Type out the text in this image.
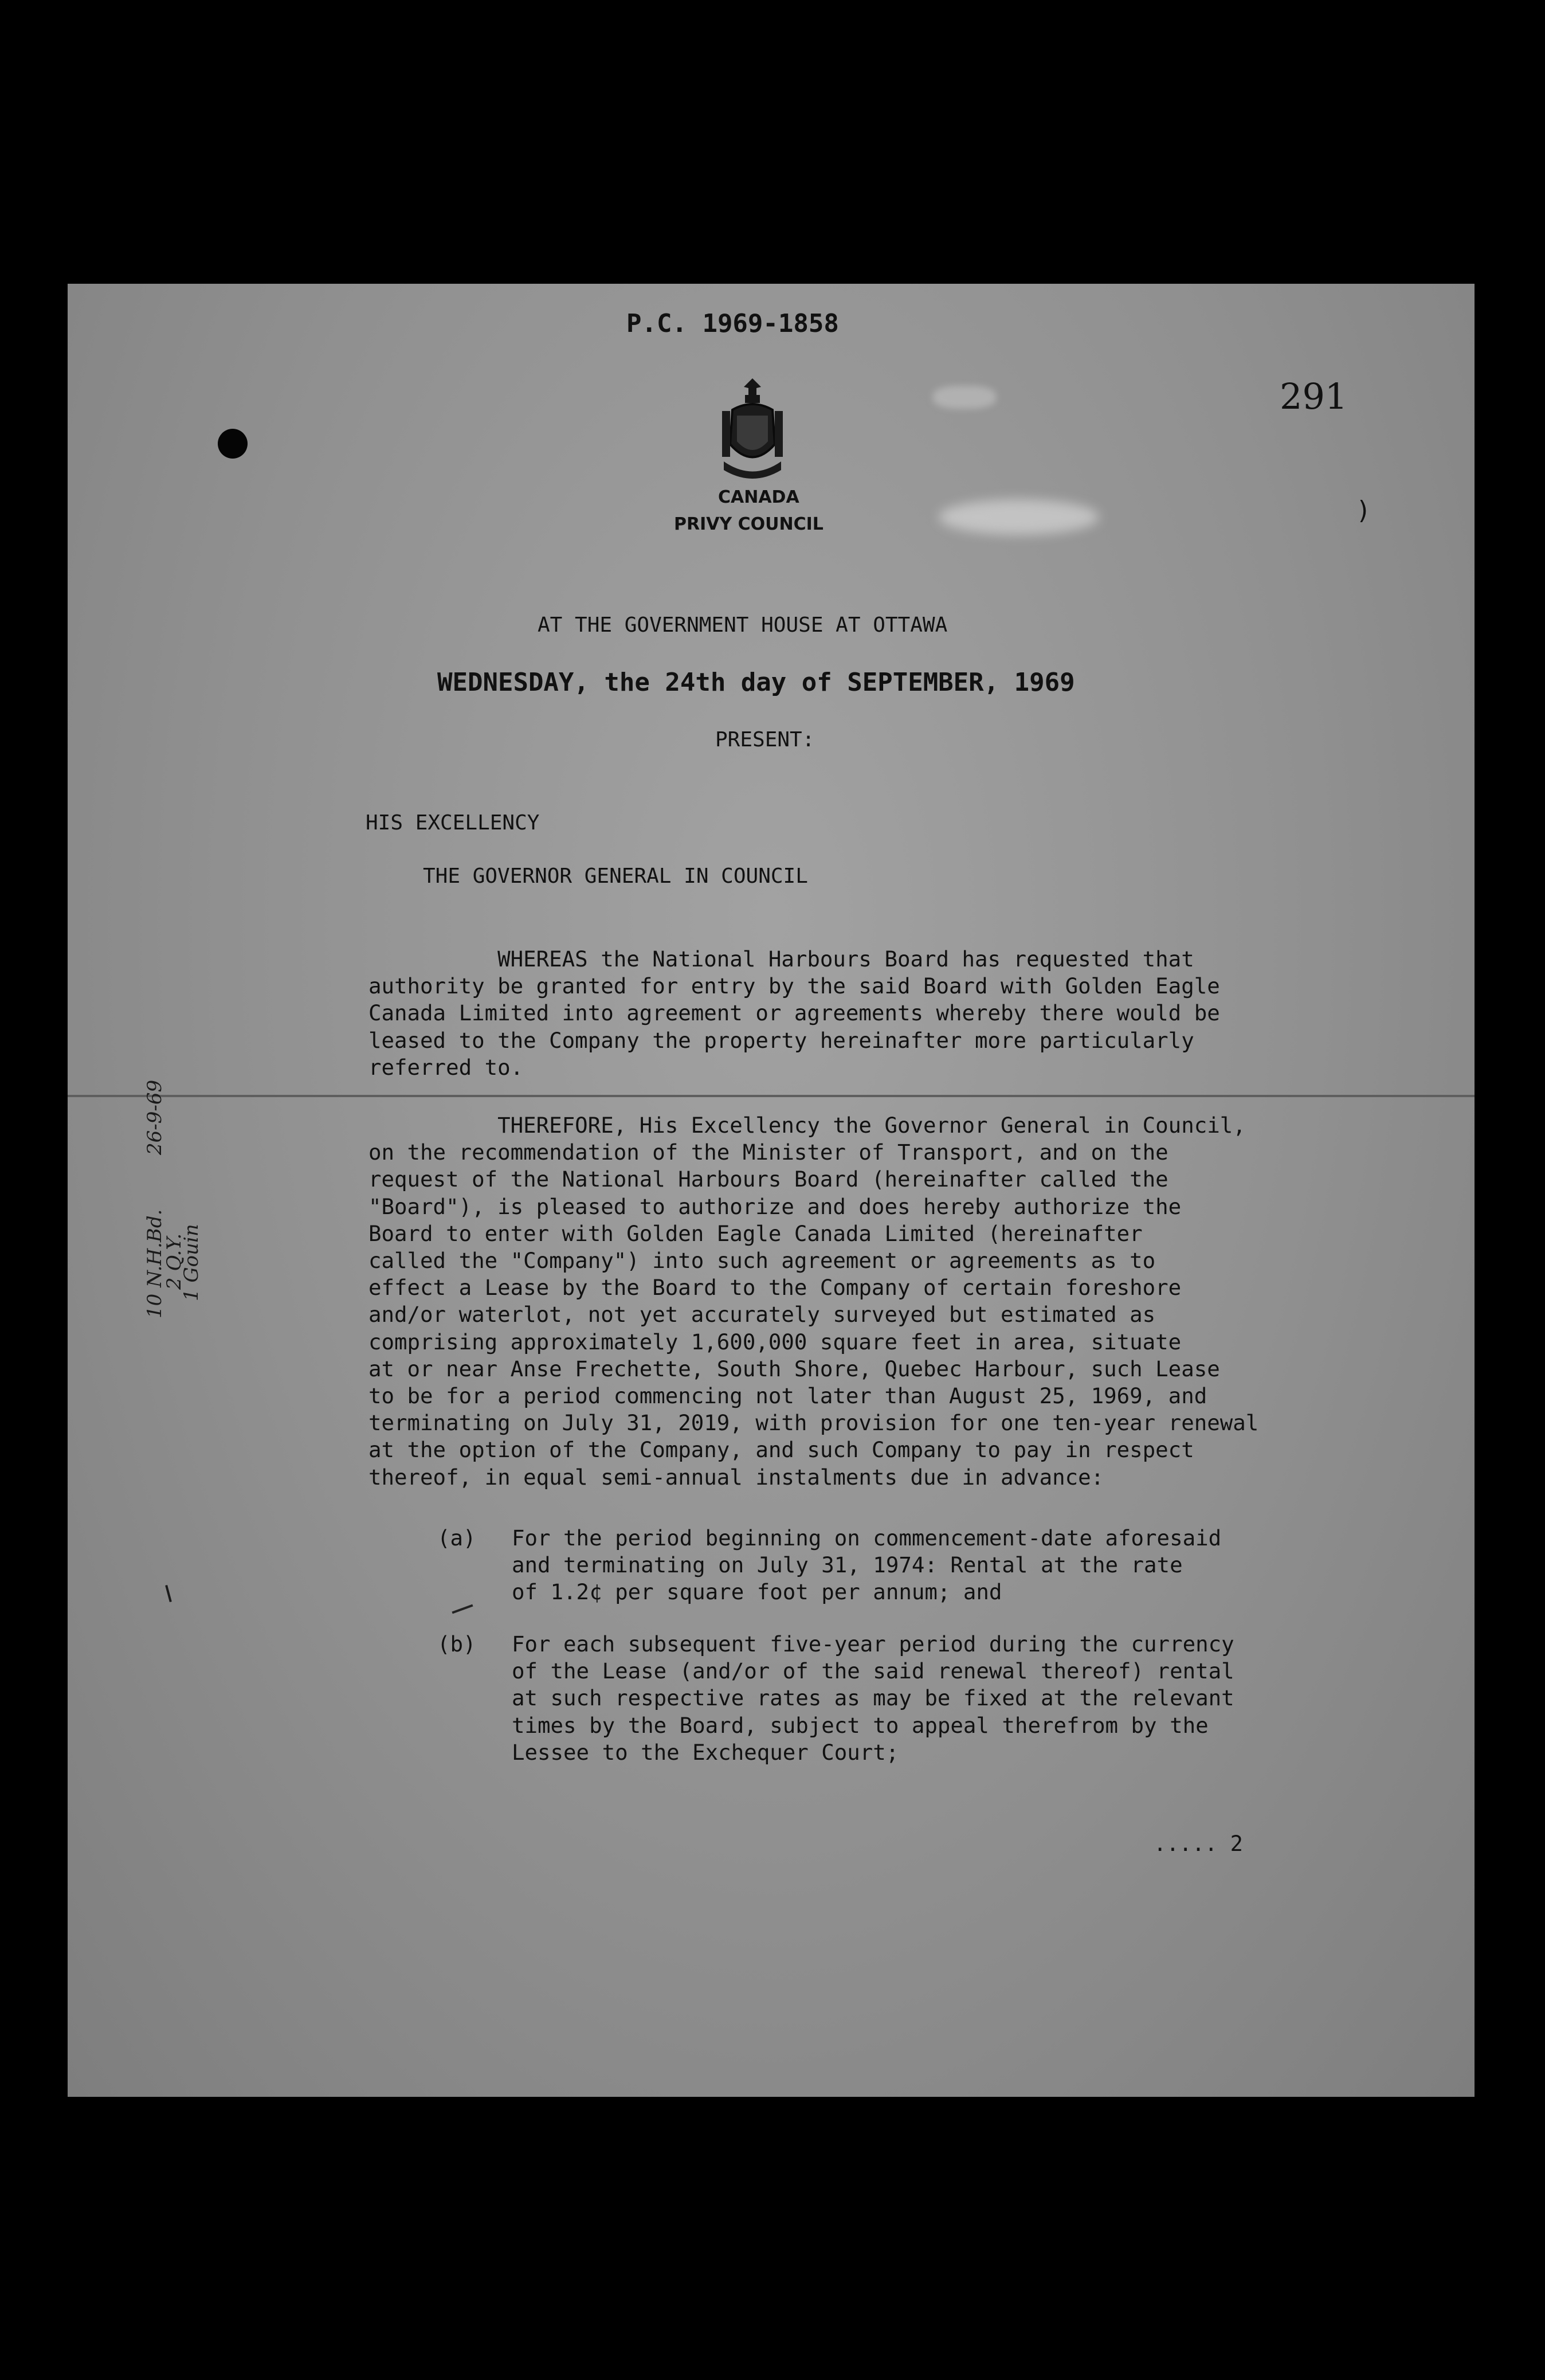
P.C. 1969-1858
291
)
CANADA
PRIVY COUNCIL
AT THE GOVERNMENT HOUSE AT OTTAWA
WEDNESDAY, the 24th day of SEPTEMBER, 1969
PRESENT:
HIS EXCELLENCY
THE GOVERNOR GENERAL IN COUNCIL
WHEREAS the National Harbours Board has requested that
authority be granted for entry by the said Board with Golden Eagle
Canada Limited into agreement or agreements whereby there would be
leased to the Company the property hereinafter more particularly
referred to.
THEREFORE, His Excellency the Governor General in Council,
on the recommendation of the Minister of Transport, and on the
request of the National Harbours Board (hereinafter called the
"Board"), is pleased to authorize and does hereby authorize the
Board to enter with Golden Eagle Canada Limited (hereinafter
called the "Company") into such agreement or agreements as to
effect a Lease by the Board to the Company of certain foreshore
and/or waterlot, not yet accurately surveyed but estimated as
comprising approximately 1,600,000 square feet in area, situate
at or near Anse Frechette, South Shore, Quebec Harbour, such Lease
to be for a period commencing not later than August 25, 1969, and
terminating on July 31, 2019, with provision for one ten-year renewal
at the option of the Company, and such Company to pay in respect
thereof, in equal semi-annual instalments due in advance:
(a) For the period beginning on commencement-date aforesaid
and terminating on July 31, 1974: Rental at the rate
of 1.2¢ per square foot per annum; and
(b) For each subsequent five-year period during the currency
of the Lease (and/or of the said renewal thereof) rental
at such respective rates as may be fixed at the relevant
times by the Board, subject to appeal therefrom by the
Lessee to the Exchequer Court;
..... 2
10 N.H.Bd.
2 Q.Y.
1 Gouin
26-9-69
